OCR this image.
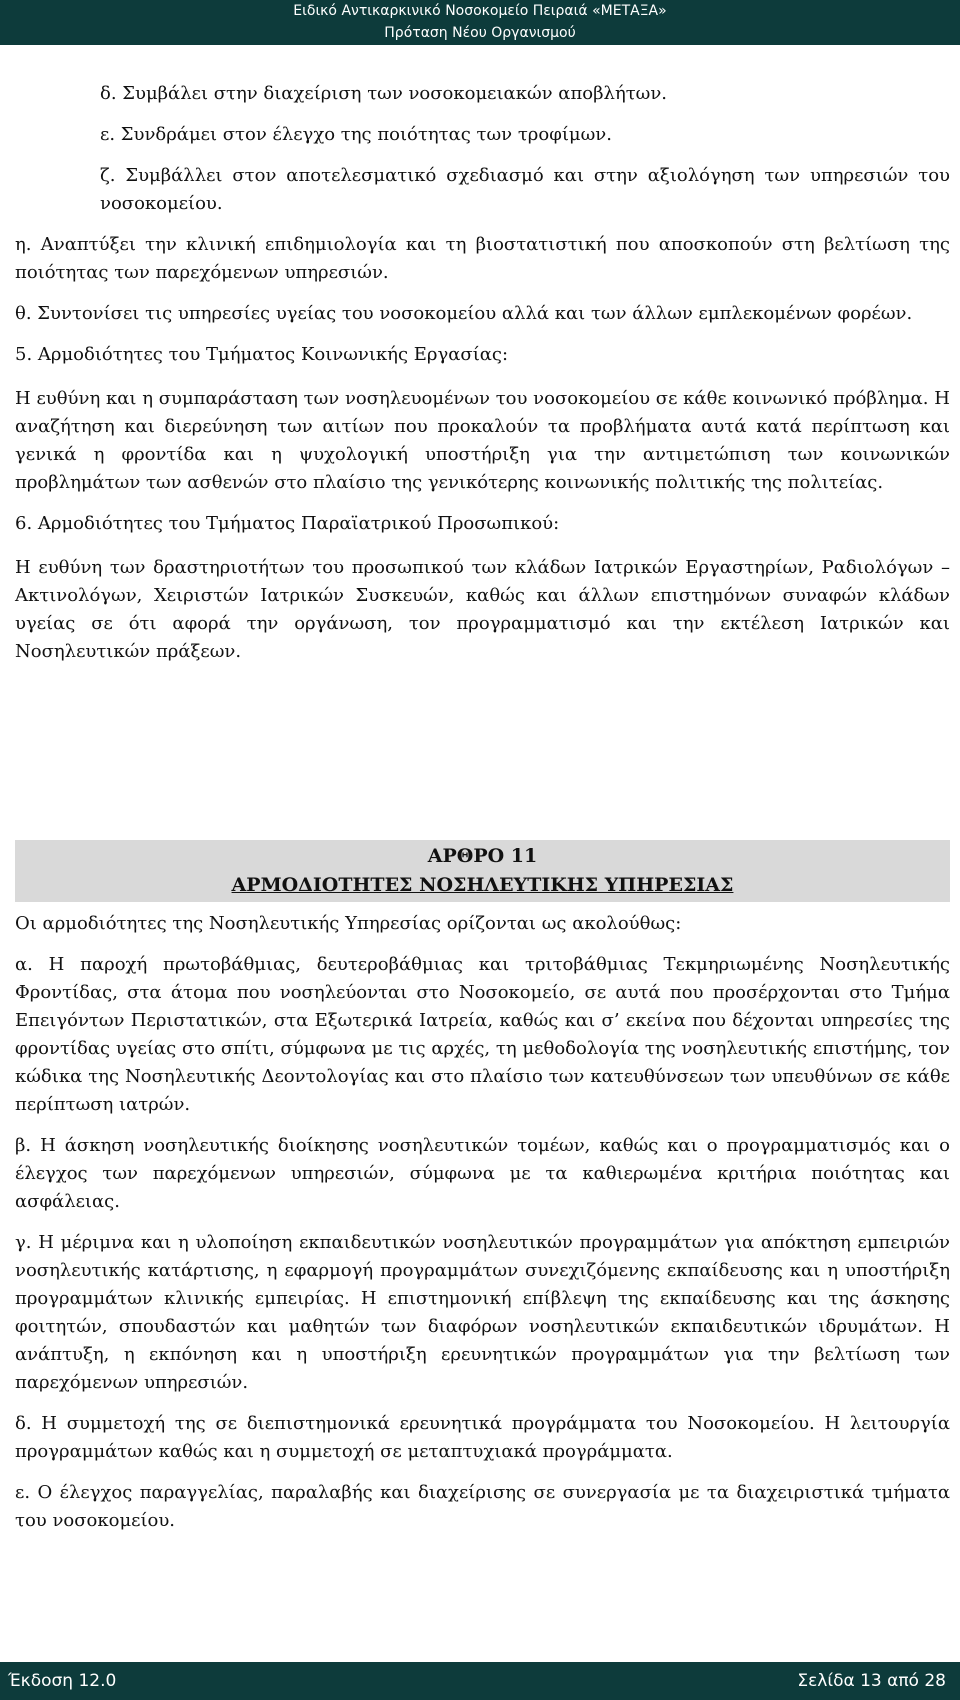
Ειδικό Αντικαρκινικό Νοσοκομείο Πειραιά «ΜΕΤΑΞΑ»
Πρόταση Νέου Οργανισμού

δ. Συμβάλει στην διαχείριση των νοσοκομειακών αποβλήτων.

ε. Συνδράμει στον έλεγχο της ποιότητας των τροφίμων.

ζ. Συμβάλλει στον αποτελεσματικό σχεδιασμό και στην αξιολόγηση των υπηρεσιών του νοσοκομείου.

η. Αναπτύξει την κλινική επιδημιολογία και τη βιοστατιστική που αποσκοπούν στη βελτίωση της ποιότητας των παρεχόμενων υπηρεσιών.

θ. Συντονίσει τις υπηρεσίες υγείας του νοσοκομείου αλλά και των άλλων εμπλεκομένων φορέων.

5. Αρμοδιότητες του Τμήματος Κοινωνικής Εργασίας:

Η ευθύνη και η συμπαράσταση των νοσηλευομένων του νοσοκομείου σε κάθε κοινωνικό πρόβλημα. Η αναζήτηση και διερεύνηση των αιτίων που προκαλούν τα προβλήματα αυτά κατά περίπτωση και γενικά η φροντίδα και η ψυχολογική υποστήριξη για την αντιμετώπιση των κοινωνικών προβλημάτων των ασθενών στο πλαίσιο της γενικότερης κοινωνικής πολιτικής της πολιτείας.

6. Αρμοδιότητες του Τμήματος Παραϊατρικού Προσωπικού:

Η ευθύνη των δραστηριοτήτων του προσωπικού των κλάδων Ιατρικών Εργαστηρίων, Ραδιολόγων – Ακτινολόγων, Χειριστών Ιατρικών Συσκευών, καθώς και άλλων επιστημόνων συναφών κλάδων υγείας σε ότι αφορά την οργάνωση, τον προγραμματισμό και την εκτέλεση Ιατρικών και Νοσηλευτικών πράξεων.

ΑΡΘΡΟ 11
ΑΡΜΟΔΙΟΤΗΤΕΣ ΝΟΣΗΛΕΥΤΙΚΗΣ ΥΠΗΡΕΣΙΑΣ

Οι αρμοδιότητες της Νοσηλευτικής Υπηρεσίας ορίζονται ως ακολούθως:

α. Η παροχή πρωτοβάθμιας, δευτεροβάθμιας και τριτοβάθμιας Τεκμηριωμένης Νοσηλευτικής Φροντίδας, στα άτομα που νοσηλεύονται στο Νοσοκομείο, σε αυτά που προσέρχονται στο Τμήμα Επειγόντων Περιστατικών, στα Εξωτερικά Ιατρεία, καθώς και σ’ εκείνα που δέχονται υπηρεσίες της φροντίδας υγείας στο σπίτι, σύμφωνα με τις αρχές, τη μεθοδολογία της νοσηλευτικής επιστήμης, τον κώδικα της Νοσηλευτικής Δεοντολογίας και στο πλαίσιο των κατευθύνσεων των υπευθύνων σε κάθε περίπτωση ιατρών.

β. Η άσκηση νοσηλευτικής διοίκησης νοσηλευτικών τομέων, καθώς και ο προγραμματισμός και ο έλεγχος των παρεχόμενων υπηρεσιών, σύμφωνα με τα καθιερωμένα κριτήρια ποιότητας και ασφάλειας.

γ. Η μέριμνα και η υλοποίηση εκπαιδευτικών νοσηλευτικών προγραμμάτων για απόκτηση εμπειριών νοσηλευτικής κατάρτισης, η εφαρμογή προγραμμάτων συνεχιζόμενης εκπαίδευσης και η υποστήριξη προγραμμάτων κλινικής εμπειρίας. Η επιστημονική επίβλεψη της εκπαίδευσης και της άσκησης φοιτητών, σπουδαστών και μαθητών των διαφόρων νοσηλευτικών εκπαιδευτικών ιδρυμάτων. Η ανάπτυξη, η εκπόνηση και η υποστήριξη ερευνητικών προγραμμάτων για την βελτίωση των παρεχόμενων υπηρεσιών.

δ. Η συμμετοχή της σε διεπιστημονικά ερευνητικά προγράμματα του Νοσοκομείου. Η λειτουργία προγραμμάτων καθώς και η συμμετοχή σε μεταπτυχιακά προγράμματα.

ε. Ο έλεγχος παραγγελίας, παραλαβής και διαχείρισης σε συνεργασία με τα διαχειριστικά τμήματα του νοσοκομείου.

Έκδοση 12.0	Σελίδα 13 από 28
